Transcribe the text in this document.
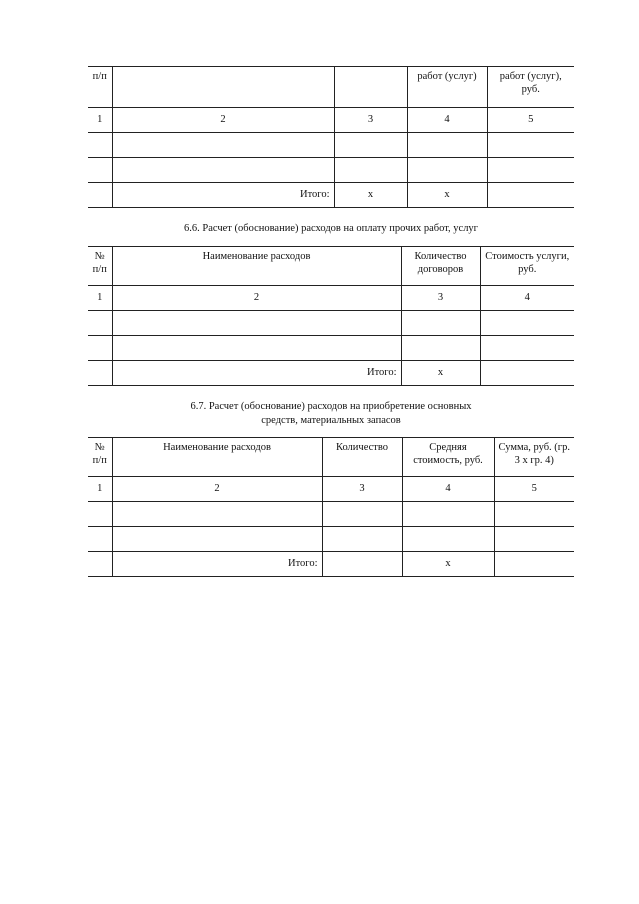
п/п			работ (услуг)	работ (услуг), руб.
1	2	3	4	5

	Итого:	x	x	
6.6. Расчет (обоснование) расходов на оплату прочих работ, услуг
№ п/п	Наименование расходов	Количество договоров	Стоимость услуги, руб.
1	2	3	4

	Итого:	x	
6.7. Расчет (обоснование) расходов на приобретение основных средств, материальных запасов
№ п/п	Наименование расходов	Количество	Средняя стоимость, руб.	Сумма, руб. (гр. 3 x гр. 4)
1	2	3	4	5

	Итого:		x	
